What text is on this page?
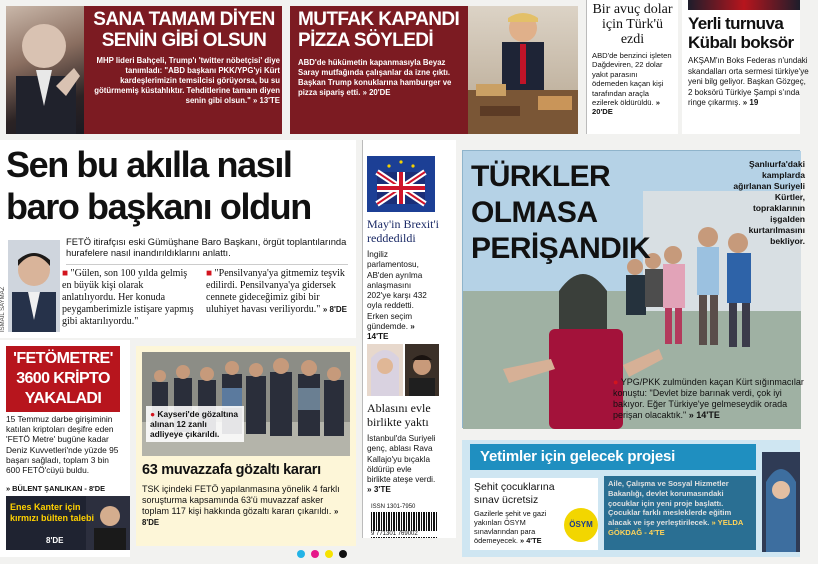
SANA TAMAM DİYEN
SENİN GİBİ OLSUN
MHP lideri Bahçeli, Trump'ı 'twitter nöbetçisi' diye tanımladı: "ABD başkanı PKK/YPG'yi Kürt kardeşlerimizin temsilcisi görüyorsa, bu su götürmemiş küstahlıktır. Tehditlerine tamam diyen senin gibi olsun." » 13'TE
MUTFAK KAPANDI
PİZZA SÖYLEDİ
ABD'de hükümetin kapanmasıyla Beyaz Saray mutfağında çalışanlar da izne çıktı. Başkan Trump konuklarına hamburger ve pizza sipariş etti. » 20'DE
Bir avuç dolar için Türk'ü ezdi
ABD'de benzinci işleten Dağdeviren, 22 dolar yakıt parasını ödemeden kaçan kişi tarafından araçla ezilerek öldürüldü. » 20'DE
Yerli turnuva
Kübalı boksör
AKŞAM'ın Boks Federas n'undaki skandalları orta sermesi türkiye'ye yeni bilg geliyor. Başkan Gözgeç, 2 boksörü Türkiye Şampi s'ında ringe çıkarmış. » 19
Sen bu akılla nasıl
baro başkanı oldun
İSMAİL SAYMAZ
FETÖ itirafçısı eski Gümüşhane Baro Başkanı, örgüt toplantılarında hurafelere nasıl inandırıldıklarını anlattı.
■ "Gülen, son 100 yılda gelmiş en büyük kişi olarak anlatılıyordu. Her konuda peygamberimizle istişare yapmış gibi aktarılıyordu."
■ "Pensilvanya'ya gitmemiz teşvik edilirdi. Pensilvanya'ya gidersek cennete gideceğimiz gibi bir uluhiyet havası veriliyordu." » 8'DE
May'in Brexit'i reddedildi
İngiliz parlamentosu, AB'den ayrılma anlaşmasını 202'ye karşı 432 oyla reddetti. Erken seçim gündemde. » 14'TE
Ablasını evle birlikte yaktı
İstanbul'da Suriyeli genç, ablası Rava Kallajo'yu bıçakla öldürüp evle birlikte ateşe verdi. » 3'TE
ISSN 1301-7950
9 771301 769002
TÜRKLER OLMASA
PERİŞANDIK
Şanlıurfa'daki kamplarda ağırlanan Suriyeli Kürtler, topraklarının işgalden kurtarılmasını bekliyor.
● YPG/PKK zulmünden kaçan Kürt sığınmacılar konuştu: "Devlet bize barınak verdi, çok iyi bakıyor. Eğer Türkiye'ye gelmeseydik orada perişan olacaktık." » 14'TE
'FETÖMETRE'
3600 KRİPTO
YAKALADI
15 Temmuz darbe girişiminin katılan kriptoları deşifre eden 'FETÖ Metre' bugüne kadar Deniz Kuvvetleri'nde yüzde 95 başarı sağladı, toplam 3 bin 600 FETÖ'cüyü buldu.
» BÜLENT ŞANLIKAN - 8'DE
Enes Kanter için
kırmızı bülten talebi
8'DE
● Kayseri'de gözaltına alınan 12 zanlı adliyeye çıkarıldı.
63 muvazzafa gözaltı kararı
TSK içindeki FETÖ yapılanmasına yönelik 4 farklı soruşturma kapsamında 63'ü muvazzaf asker toplam 117 kişi hakkında gözaltı kararı çıkarıldı. » 8'DE
Yetimler için gelecek projesi
Şehit çocuklarına
sınav ücretsiz
Gazilerle şehit ve gazi yakınları ÖSYM sınavlarından para ödemeyecek. » 4'TE
ÖSYM
Aile, Çalışma ve Sosyal Hizmetler Bakanlığı, devlet korumasındaki çocuklar için yeni proje başlattı. Çocuklar farklı mesleklerde eğitim alacak ve işe yerleştirilecek. » YELDA GÖKDAĞ - 4'TE
